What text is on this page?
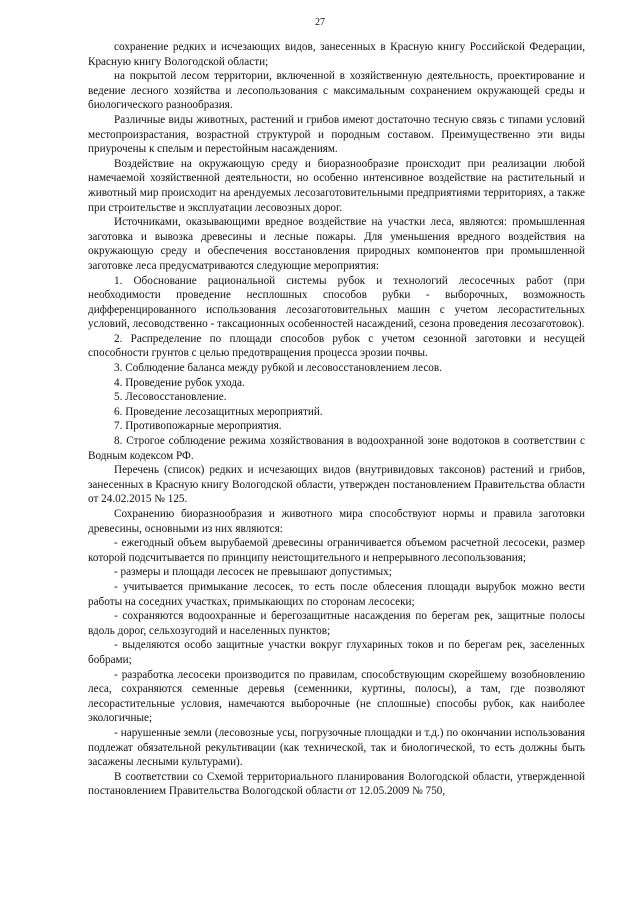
27

сохранение редких и исчезающих видов, занесенных в Красную книгу Российской Федерации, Красную книгу Вологодской области;

на покрытой лесом территории, включенной в хозяйственную деятельность, проектирование и ведение лесного хозяйства и лесопользования с максимальным сохранением окружающей среды и биологического разнообразия.

Различные виды животных, растений и грибов имеют достаточно тесную связь с типами условий местопроизрастания, возрастной структурой и породным составом. Преимущественно эти виды приурочены к спелым и перестойным насаждениям.

Воздействие на окружающую среду и биоразнообразие происходит при реализации любой намечаемой хозяйственной деятельности, но особенно интенсивное воздействие на растительный и животный мир происходит на арендуемых лесозаготовительными предприятиями территориях, а также при строительстве и эксплуатации лесовозных дорог.

Источниками, оказывающими вредное воздействие на участки леса, являются: промышленная заготовка и вывозка древесины и лесные пожары. Для уменьшения вредного воздействия на окружающую среду и обеспечения восстановления природных компонентов при промышленной заготовке леса предусматриваются следующие мероприятия:

1. Обоснование рациональной системы рубок и технологий лесосечных работ (при необходимости проведение несплошных способов рубки - выборочных, возможность дифференцированного использования лесозаготовительных машин с учетом лесорастительных условий, лесоводственно - таксационных особенностей насаждений, сезона проведения лесозаготовок).

2. Распределение по площади способов рубок с учетом сезонной заготовки и несущей способности грунтов с целью предотвращения процесса эрозии почвы.

3. Соблюдение баланса между рубкой и лесовосстановлением лесов.

4. Проведение рубок ухода.

5. Лесовосстановление.

6. Проведение лесозащитных мероприятий.

7. Противопожарные мероприятия.

8. Строгое соблюдение режима хозяйствования в водоохранной зоне водотоков в соответствии с Водным кодексом РФ.

Перечень (список) редких и исчезающих видов (внутривидовых таксонов) растений и грибов, занесенных в Красную книгу Вологодской области, утвержден постановлением Правительства области от 24.02.2015 № 125.

Сохранению биоразнообразия и животного мира способствуют нормы и правила заготовки древесины, основными из них являются:

- ежегодный объем вырубаемой древесины ограничивается объемом расчетной лесосеки, размер которой подсчитывается по принципу неистощительного и непрерывного лесопользования;

- размеры и площади лесосек не превышают допустимых;

- учитывается примыкание лесосек, то есть после облесения площади вырубок можно вести работы на соседних участках, примыкающих по сторонам лесосеки;

- сохраняются водоохранные и берегозащитные насаждения по берегам рек, защитные полосы вдоль дорог, сельхозугодий и населенных пунктов;

- выделяются особо защитные участки вокруг глухариных токов и по берегам рек, заселенных бобрами;

- разработка лесосеки производится по правилам, способствующим скорейшему возобновлению леса, сохраняются семенные деревья (семенники, куртины, полосы), а там, где позволяют лесорастительные условия, намечаются выборочные (не сплошные) способы рубок, как наиболее экологичные;

- нарушенные земли (лесовозные усы, погрузочные площадки и т.д.) по окончании использования подлежат обязательной рекультивации (как технической, так и биологической, то есть должны быть засажены лесными культурами).

В соответствии со Схемой территориального планирования Вологодской области, утвержденной постановлением Правительства Вологодской области от 12.05.2009 № 750,
